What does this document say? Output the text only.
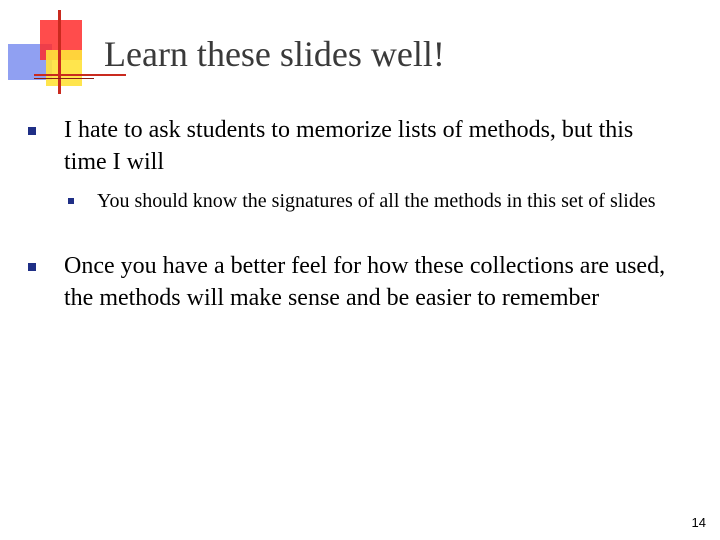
Learn these slides well!
I hate to ask students to memorize lists of methods, but this time I will
You should know the signatures of all the methods in this set of slides
Once you have a better feel for how these collections are used, the methods will make sense and be easier to remember
14
